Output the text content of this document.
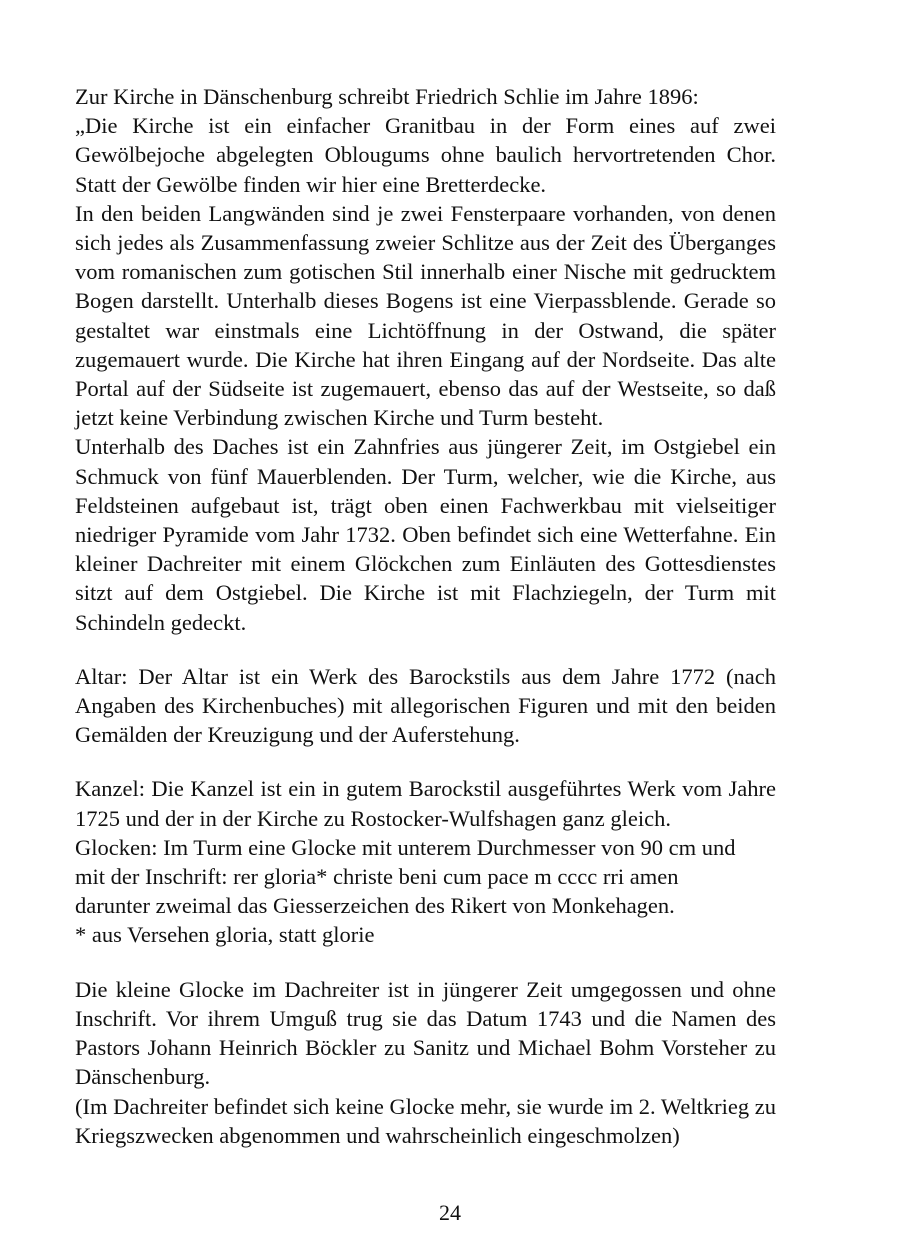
Zur Kirche in Dänschenburg schreibt Friedrich Schlie im Jahre 1896:

„Die Kirche ist ein einfacher Granitbau in der Form eines auf zwei Gewölbejoche abgelegten Oblougums ohne baulich hervortretenden Chor. Statt der Gewölbe finden wir hier eine Bretterdecke.

In den beiden Langwänden sind je zwei Fensterpaare vorhanden, von denen sich jedes als Zusammenfassung zweier Schlitze aus der Zeit des Überganges vom romanischen zum gotischen Stil innerhalb einer Nische mit gedrucktem Bogen darstellt. Unterhalb dieses Bogens ist eine Vierpassblende. Gerade so gestaltet war einstmals eine Lichtöffnung in der Ostwand, die später zugemauert wurde. Die Kirche hat ihren Eingang auf der Nordseite. Das alte Portal auf der Südseite ist zugemauert, ebenso das auf der Westseite, so daß jetzt keine Verbindung zwischen Kirche und Turm besteht.

Unterhalb des Daches ist ein Zahnfries aus jüngerer Zeit, im Ostgiebel ein Schmuck von fünf Mauerblenden. Der Turm, welcher, wie die Kirche, aus Feldsteinen aufgebaut ist, trägt oben einen Fachwerkbau mit vielseitiger niedriger Pyramide vom Jahr 1732. Oben befindet sich eine Wetterfahne. Ein kleiner Dachreiter mit einem Glöckchen zum Einläuten des Gottesdienstes sitzt auf dem Ostgiebel. Die Kirche ist mit Flachziegeln, der Turm mit Schindeln gedeckt.

Altar: Der Altar ist ein Werk des Barockstils aus dem Jahre 1772 (nach Angaben des Kirchenbuches) mit allegorischen Figuren und mit den beiden Gemälden der Kreuzigung und der Auferstehung.

Kanzel: Die Kanzel ist ein in gutem Barockstil ausgeführtes Werk vom Jahre 1725 und der in der Kirche zu Rostocker-Wulfshagen ganz gleich.

Glocken: Im Turm eine Glocke mit unterem Durchmesser von 90 cm und

mit der Inschrift: rer gloria* christe beni cum pace m cccc rri amen

darunter zweimal das Giesserzeichen des Rikert von Monkehagen.

* aus Versehen gloria, statt glorie

Die kleine Glocke im Dachreiter ist in jüngerer Zeit umgegossen und ohne Inschrift. Vor ihrem Umguß trug sie das Datum 1743 und die Namen des Pastors Johann Heinrich Böckler zu Sanitz und Michael Bohm Vorsteher zu Dänschenburg.

(Im Dachreiter befindet sich keine Glocke mehr, sie wurde im 2. Weltkrieg zu Kriegszwecken abgenommen und wahrscheinlich eingeschmolzen)

24
